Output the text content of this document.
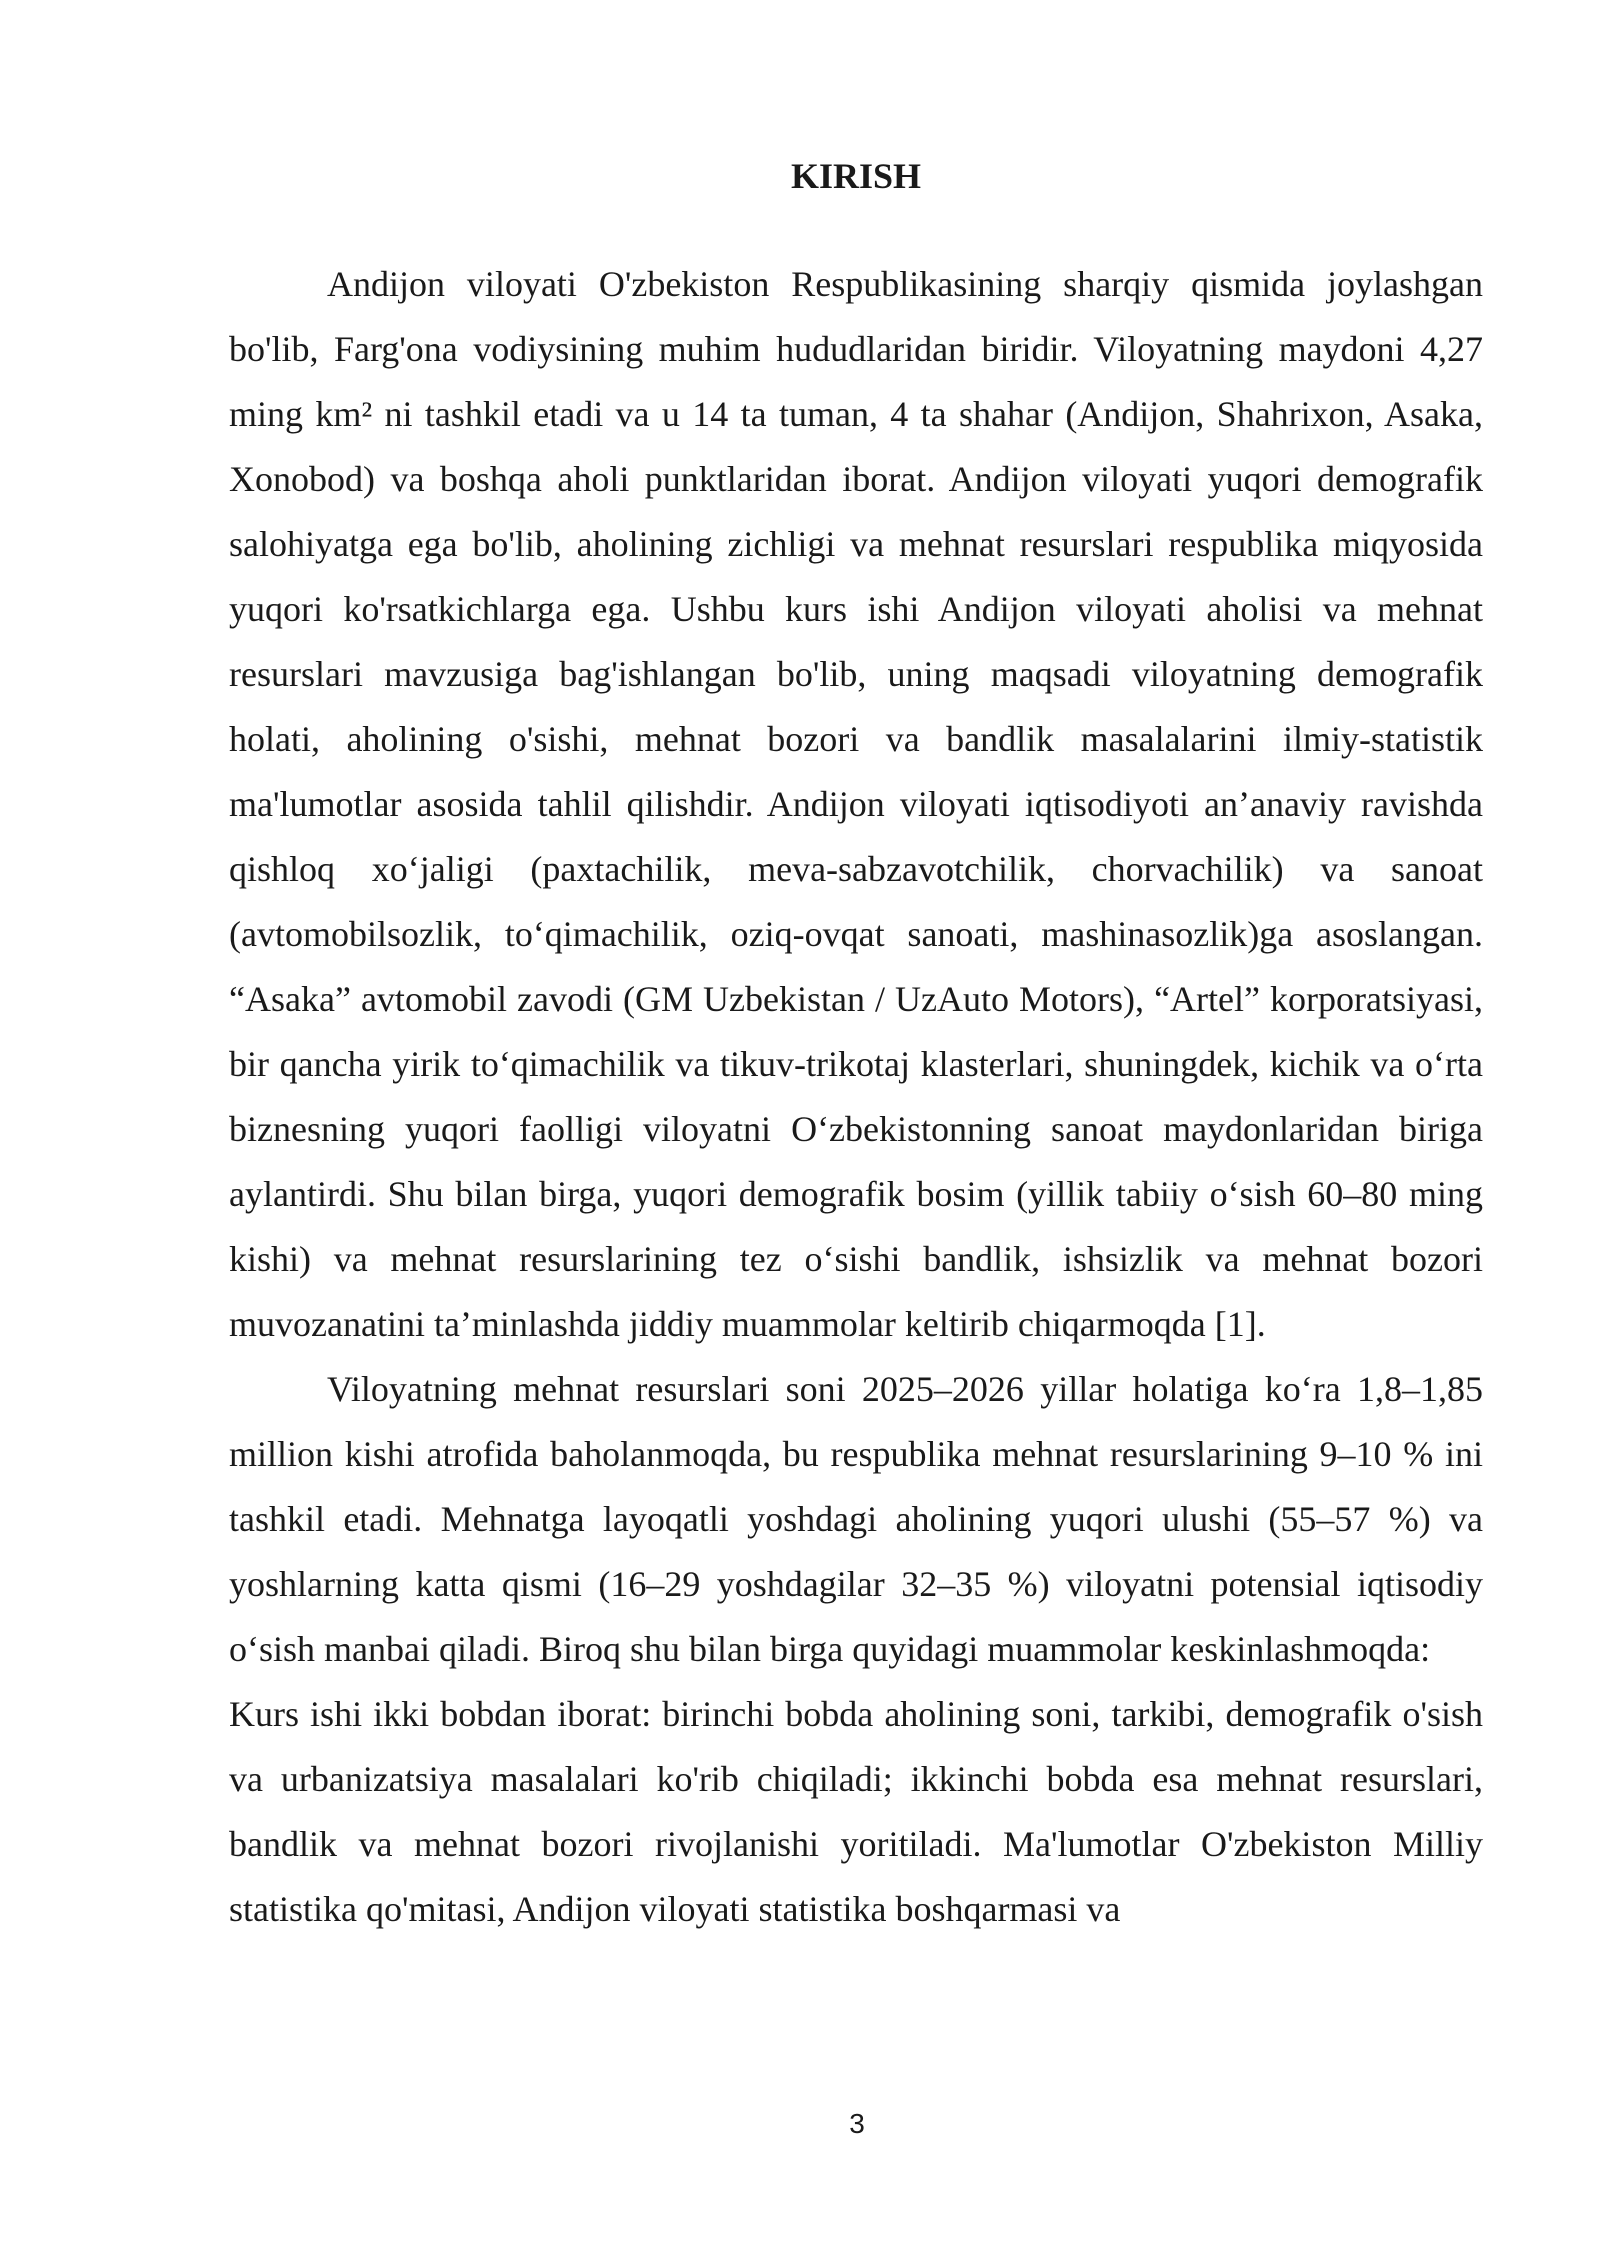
KIRISH

Andijon viloyati O'zbekiston Respublikasining sharqiy qismida joylashgan bo'lib, Farg'ona vodiysining muhim hududlaridan biridir. Viloyatning maydoni 4,27 ming km² ni tashkil etadi va u 14 ta tuman, 4 ta shahar (Andijon, Shahrixon, Asaka, Xonobod) va boshqa aholi punktlaridan iborat. Andijon viloyati yuqori demografik salohiyatga ega bo'lib, aholining zichligi va mehnat resurslari respublika miqyosida yuqori ko'rsatkichlarga ega. Ushbu kurs ishi Andijon viloyati aholisi va mehnat resurslari mavzusiga bag'ishlangan bo'lib, uning maqsadi viloyatning demografik holati, aholining o'sishi, mehnat bozori va bandlik masalalarini ilmiy-statistik ma'lumotlar asosida tahlil qilishdir. Andijon viloyati iqtisodiyoti an’anaviy ravishda qishloq xo‘jaligi (paxtachilik, meva-sabzavotchilik, chorvachilik) va sanoat (avtomobilsozlik, to‘qimachilik, oziq-ovqat sanoati, mashinasozlik)ga asoslangan. “Asaka” avtomobil zavodi (GM Uzbekistan / UzAuto Motors), “Artel” korporatsiyasi, bir qancha yirik to‘qimachilik va tikuv-trikotaj klasterlari, shuningdek, kichik va o‘rta biznesning yuqori faolligi viloyatni O‘zbekistonning sanoat maydonlaridan biriga aylantirdi. Shu bilan birga, yuqori demografik bosim (yillik tabiiy o‘sish 60–80 ming kishi) va mehnat resurslarining tez o‘sishi bandlik, ishsizlik va mehnat bozori muvozanatini ta’minlashda jiddiy muammolar keltirib chiqarmoqda [1].

Viloyatning mehnat resurslari soni 2025–2026 yillar holatiga ko‘ra 1,8–1,85 million kishi atrofida baholanmoqda, bu respublika mehnat resurslarining 9–10 % ini tashkil etadi. Mehnatga layoqatli yoshdagi aholining yuqori ulushi (55–57 %) va yoshlarning katta qismi (16–29 yoshdagilar 32–35 %) viloyatni potensial iqtisodiy o‘sish manbai qiladi. Biroq shu bilan birga quyidagi muammolar keskinlashmoqda:

Kurs ishi ikki bobdan iborat: birinchi bobda aholining soni, tarkibi, demografik o'sish va urbanizatsiya masalalari ko'rib chiqiladi; ikkinchi bobda esa mehnat resurslari, bandlik va mehnat bozori rivojlanishi yoritiladi. Ma'lumotlar O'zbekiston Milliy statistika qo'mitasi, Andijon viloyati statistika boshqarmasi va

3
